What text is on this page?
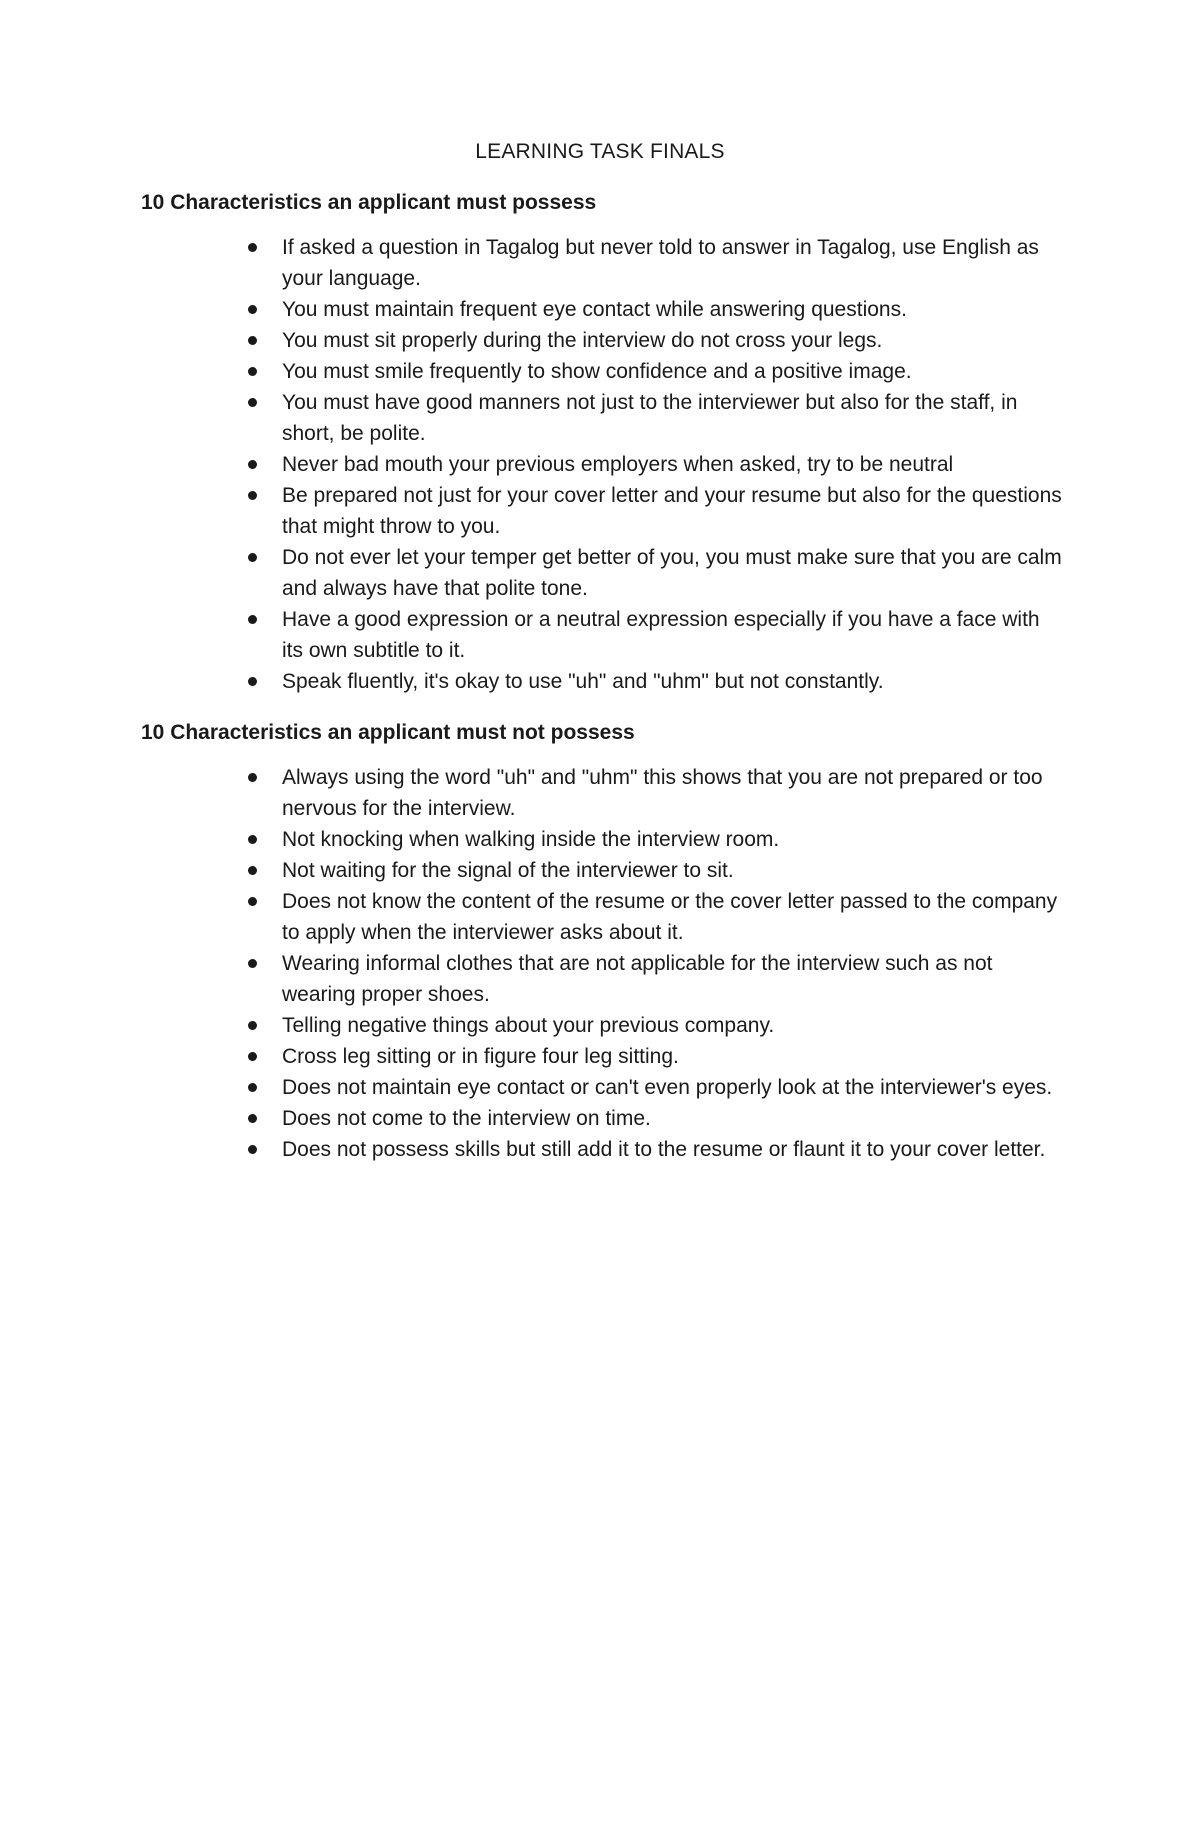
LEARNING TASK FINALS
10 Characteristics an applicant must possess
If asked a question in Tagalog but never told to answer in Tagalog, use English as your language.
You must maintain frequent eye contact while answering questions.
You must sit properly during the interview do not cross your legs.
You must smile frequently to show confidence and a positive image.
You must have good manners not just to the interviewer but also for the staff, in short, be polite.
Never bad mouth your previous employers when asked, try to be neutral
Be prepared not just for your cover letter and your resume but also for the questions that might throw to you.
Do not ever let your temper get better of you, you must make sure that you are calm and always have that polite tone.
Have a good expression or a neutral expression especially if you have a face with its own subtitle to it.
Speak fluently, it's okay to use "uh" and "uhm" but not constantly.
10 Characteristics an applicant must not possess
Always using the word "uh" and "uhm" this shows that you are not prepared or too nervous for the interview.
Not knocking when walking inside the interview room.
Not waiting for the signal of the interviewer to sit.
Does not know the content of the resume or the cover letter passed to the company to apply when the interviewer asks about it.
Wearing informal clothes that are not applicable for the interview such as not wearing proper shoes.
Telling negative things about your previous company.
Cross leg sitting or in figure four leg sitting.
Does not maintain eye contact or can't even properly look at the interviewer's eyes.
Does not come to the interview on time.
Does not possess skills but still add it to the resume or flaunt it to your cover letter.
